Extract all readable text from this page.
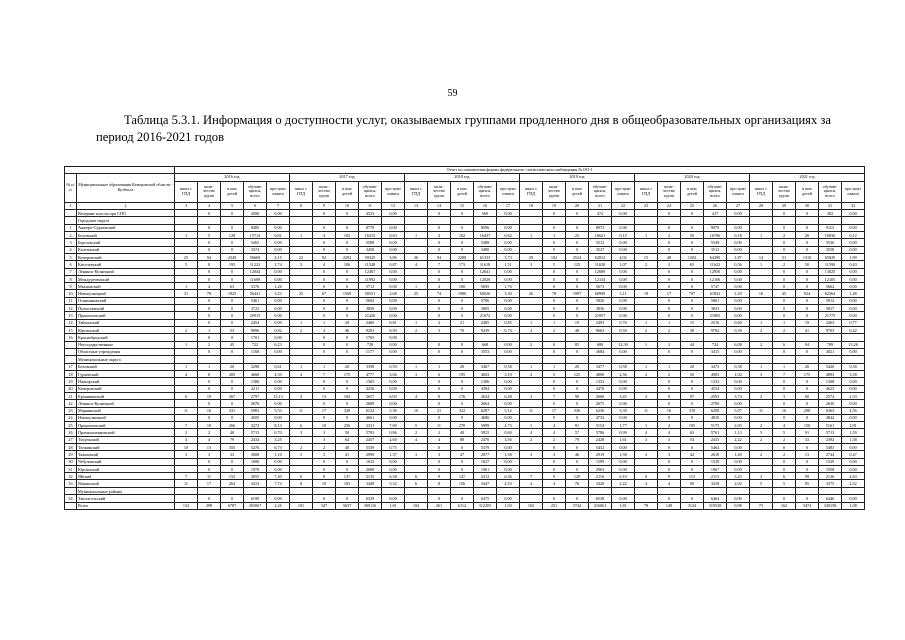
59
Таблица 5.3.1. Информация о доступности услуг, оказываемых группами продленного дня в общеобразовательных организациях за период 2016-2021 годов
		Отчет по показателям формы федерального статистического наблюдения № ОО-1																													
№ п/п	Муниципальные образования Кемеровской области - Кузбасса	2016 год					2017 год					2018 год					2019 год					2020 год					2021 год				
		школ с ГПД	коли-чество групп	в них детей	обучаю-щихся, всего	про-цент охвата	школ с ГПД	коли-чество групп	в них детей	обучаю-щихся, всего	про-цент охвата	школ с ГПД	коли-чество групп	в них детей	обучаю-щихся, всего	про-цент охвата	школ с ГПД	коли-чество групп	в них детей	обучаю-щихся, всего	про-цент охвата	школ с ГПД	коли-чество групп	в них детей	обучаю-щихся, всего	про-цент охвата	школ с ГПД	коли-чество групп	в них детей	обучаю-щихся, всего	про-цент охвата
1	2	3	4	5	6	7	8	9	10	11	12	13	14	15	16	17	18	19	20	21	22	23	24	25	26	27	28	29	30	31	32
	Вечерние классы при СПО		0	0	4580	0,00		0	0	4523	0,00		0	0	569	0,00		0	0	472	0,00		0	0	417	0,00		0	0	382	0,00
	Городские округа																														
1	Анжеро-Судженский		0	0	8485	0,00		0	0	8778	0,00		0	0	8596	0,00		0	0	8973	0,00		0	0	9070	0,00		0	0	9113	0,00
2	Беловский	1	5	128	15714	0,81	1	4	102	16215	0,63	1	4	102	16437	0,62	1	1	25	16621	0,15	1	2	50	16706	0,18	1	2	20	16836	0,12
3	Березовский		0	0	5465	0,00		0	0	5508	0,00		0	0	5488	0,00		0	0	5512	0,00		0	0	5549	0,00		0	0	5536	0,00
4	Калтанский		0	0	3374	0,00		0	0	3450	0,00		0	0	3480	0,00		0	0	3527	0,00		0	0	3512	0,00		0	0	3558	0,00
5	Кемеровский	25	94	2349	56669	4,15	22	92	2292	59325	3,86	26	94	2288	61333	3,73	29	102	2524	62812	4,02	15	48	1203	64290	1,87	14	51	1310	65829	1,99
6	Киселевский	5	8	195	11223	1,74	2	4	106	11548	0,87	4	7	173	11618	1,51	3	5	125	11650	1,07	2	3	65	11622	0,56	1	2	50	11590	0,43
7	Ленинск-Кузнецкий		0	0	12044	0,00		0	0	12467	0,00		0	0	12641	0,00		0	0	12689	0,00		0	0	12950	0,00		0	0	13025	0,00
8	Междуреченский		0	0	11669	0,00		0	0	11992	0,00		0	0	12020	0,00		0	0	12134	0,00		0	0	12166	0,00		0	0	12105	0,00
9	Мысковский	1	4	63	5376	1,26		0	0	5713	0,00	1	4	100	5695	1,76		0	0	5673	0,00		0	0	5747	0,00		0	0	5662	0,00
10	Новокузнецкий	31	78	1825	56441	3,23	25	67	1569	58551	2,68	25	74	1980	60026	3,30	26	78	1997	60999	3,11	18	17	797	61832	1,29	16	45	924	62364	1,48
11	Осинниковский		0	0	5461	0,00		0	0	5602	0,00		0	0	5706	0,00		0	0	5826	0,00		0	0	5861	0,00		0	0	5912	0,00
12	Полысаевский		0	0	3722	0,00		0	0	3850	0,00		0	0	3805	0,00		0	0	3836	0,00		0	0	3833	0,00		0	0	5817	0,00
13	Прокопьевский		0	0	20915	0,00		0	0	21426	0,00		0	0	21672	0,00		0	0	21857	0,00		0	0	21805	0,00		0	0	21775	0,00
14	Тайгинский		0	0	2454	0,00	1	1	20	2460	0,81	1	2	21	2485	0,85	1	1	19	2493	0,76	1	1	15	2516	0,60	1	1	19	2463	0,77
15	Юргинский	2	1	53	9096	0,82	2	2	46	9281	0,50	2	3	70	9439	0,74	2	2	48	9663	0,50	2	2	38	9702	0,39	2	2	41	9703	0,42
16	Краснобродский		0	0	1701	0,00		0	0	1765	0,00																				
	Негосударственные	1	2	45	722	6,23		0	0	728	0,00		0	0	668	0,00	2	6	85	680	12,50	1	2	44	724	6,08	2	6	94	709	13,26
	Областные учреждения		0	0	1168	0,00		0	0	1177	0,00		0	0	3553	0,00		0	0	3684	0,00		0	0	3415	0,00		0	0	3021	0,00
	Муниципальные округа																														
17	Беловский	1	1	20	3298	0,61	1	1	20	3398	0,59	1	1	20	3467	0,58	1	1	20	3477	0,58	1	1	20	3473	0,58	1	1	20	3420	0,58
18	Гурьевский	4	8	205	4668	4,39	4	7	175	4777	3,66	3	6	195	4843	3,10	2	5	125	4890	2,56	2	2	50	4903	1,02	3	7	175	4893	3,58
19	Ижморский		0	0	1386	0,00		0	0	1365	0,00		0	0	1386	0,00		0	0	1352	0,00		0	0	1332	0,00		0	0	1308	0,00
20	Кемеровский		0	0	4211	0,00		0	0	4256	0,00		0	0	4394	0,00		0	0	4470	0,00		0	0	4554	0,00		0	0	4623	0,00
21	Крапивинский	6	19	367	2797	13,13	4	13	184	2657	6,93	4	8	176	2624	6,48	3	7	90	2606	3,45	3	8	97	2593	3,74	2	3	60	2574	2,33
22	Ленинск-Кузнецкий		0	0	2676	0,00		0	0	2689	0,00		0	0	2664	0,00		0	0	2675	0,00		0	0	2700	0,00		0	0	2630	0,00
23	Мариинский	11	16	331	5983	5,53	11	17	328	6122	5,36	10	21	322	6287	5,12	11	17	336	6236	5,39	11	16	319	6290	5,07	11	16	298	6363	4,56
24	Новокузнецкий		0	0	4505	0,00		0	0	4661	0,00		0	0	4686	0,00		0	0	4733	0,00		0	0	4810	0,00		0	0	4842	0,00
25	Прокопьевский	7	10	266	3272	8,13	6	10	256	3331	7,69	5	11	278	5099	4,73	1	4	91	5154	1,77	1	4	105	5175	2,03	2	4	150	5161	2,91
26	Промышленновский	2	2	40	5715	0,70	3	3	50	5783	0,86	2	2	40	5815	0,69	4	4	57	5786	0,99	4	4	65	5761	1,13	5	5	91	5713	1,59
27	Тисульский	4	4	79	2434	3,25		3	64	2457	2,60	4	4	88	2470	3,56	2	2	79	2428	1,61	3	3	54	2433	2,22	2	2	33	2392	1,38
28	Топкинский	10	13	355	5276	6,73	2	2	40	5339	0,75		0	0	5379	0,00		0	0	5432	0,00		0	0	5464	0,00		0	0	5483	0,00
29	Тяжинский	3	3	33	3008	1,10	3	3	41	2999	1,37	3	3	47	2977	1,58	3	3	46	2919	1,58	3	3	42	2618	1,49	2	2	13	2744	0,47
30	Чебулинский		0	0	1680	0,00		0	0	1633	0,00		0	0	1627	0,00		0	0	1599	0,00		0	0	1529	0,00		0	0	1529	0,00
31	Юргинский		0	0	1970	0,00		0	0	2008	0,00		0	0	1961	0,00		0	0	2963	0,00		0	0	1967	0,00		0	0	1958	0,00
32	Яйский	7	11	152	2055	7,40	6	8	137	2135	6,38	6	9	147	2313	6,36	7	9	129	2116	6,10	6	9	113	2115	5,25	3	6	99	2136	4,63
33	Яшкинский	11	17	264	3413	7,74	8	10	183	3449	5,32	6	8	156	3447	4,53	4	4	76	3426	2,22	4	4	69	3418	2,02	5	5	85	3375	2,52
	Муниципальные районы																														
34	Таштагольский		0	0	6199	0,00		0	0	6329	0,00		0	0	6475	0,00		0	0	6538	0,00		0	0	6464	0,00		0	0	6446	0,00
	Всего	132	298	6787	303067	2,26	101	347	5637	309116	1,81	104	261	6112	312205	1,93	102	251	5742	316061	1,81	78	149	3124	319528	0,98	75	162	3474	320158	1,08
